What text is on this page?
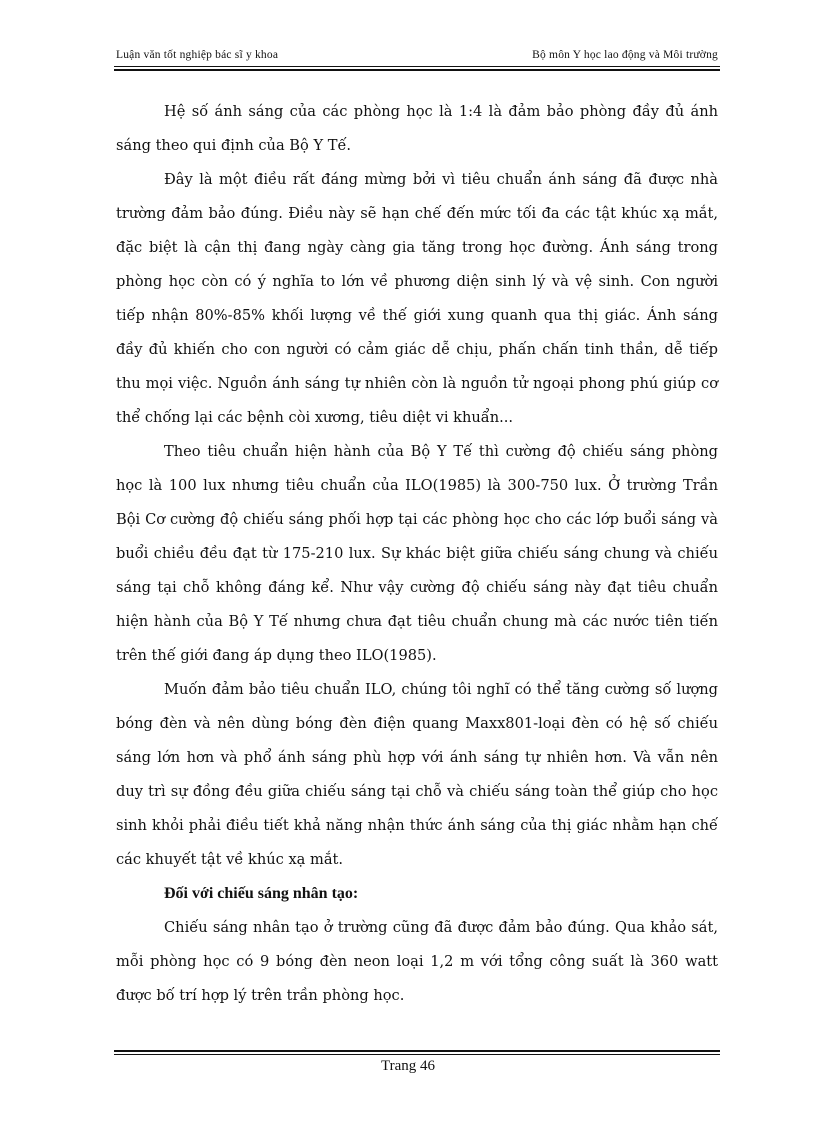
Luận văn tốt nghiệp bác sĩ y khoa	Bộ môn Y học lao động và Môi trường

Hệ số ánh sáng của các phòng học là 1:4 là đảm bảo phòng đầy đủ ánh sáng theo qui định của Bộ Y Tế.

Đây là một điều rất đáng mừng bởi vì tiêu chuẩn ánh sáng đã được nhà trường đảm bảo đúng. Điều này sẽ hạn chế đến mức tối đa các tật khúc xạ mắt, đặc biệt là cận thị đang ngày càng gia tăng trong học đường. Ánh sáng trong phòng học còn có ý nghĩa to lớn về phương diện sinh lý và vệ sinh. Con người tiếp nhận 80%-85% khối lượng về thế giới xung quanh qua thị giác. Ánh sáng đầy đủ khiến cho con người có cảm giác dễ chịu, phấn chấn tinh thần, dễ tiếp thu mọi việc. Nguồn ánh sáng tự nhiên còn là nguồn tử ngoại phong phú giúp cơ thể chống lại các bệnh còi xương, tiêu diệt vi khuẩn...

Theo tiêu chuẩn hiện hành của Bộ Y Tế thì cường độ chiếu sáng phòng học là 100 lux nhưng tiêu chuẩn của ILO(1985) là 300-750 lux. Ở trường Trần Bội Cơ cường độ chiếu sáng phối hợp tại các phòng học cho các lớp buổi sáng và buổi chiều đều đạt từ 175-210 lux. Sự khác biệt giữa chiếu sáng chung và chiếu sáng tại chỗ không đáng kể. Như vậy cường độ chiếu sáng này đạt tiêu chuẩn hiện hành của Bộ Y Tế nhưng chưa đạt tiêu chuẩn chung mà các nước tiên tiến trên thế giới đang áp dụng theo ILO(1985).

Muốn đảm bảo tiêu chuẩn ILO, chúng tôi nghĩ có thể tăng cường số lượng bóng đèn và nên dùng bóng đèn điện quang Maxx801-loại đèn có hệ số chiếu sáng lớn hơn và phổ ánh sáng phù hợp với ánh sáng tự nhiên hơn. Và vẫn nên duy trì sự đồng đều giữa chiếu sáng tại chỗ và chiếu sáng toàn thể giúp cho học sinh khỏi phải điều tiết khả năng nhận thức ánh sáng của thị giác nhằm hạn chế các khuyết tật về khúc xạ mắt.

Đối với chiếu sáng nhân tạo:

Chiếu sáng nhân tạo ở trường cũng đã được đảm bảo đúng. Qua khảo sát, mỗi phòng học có 9 bóng đèn neon loại 1,2 m với tổng công suất là 360 watt được bố trí hợp lý trên trần phòng học.

Trang 46
